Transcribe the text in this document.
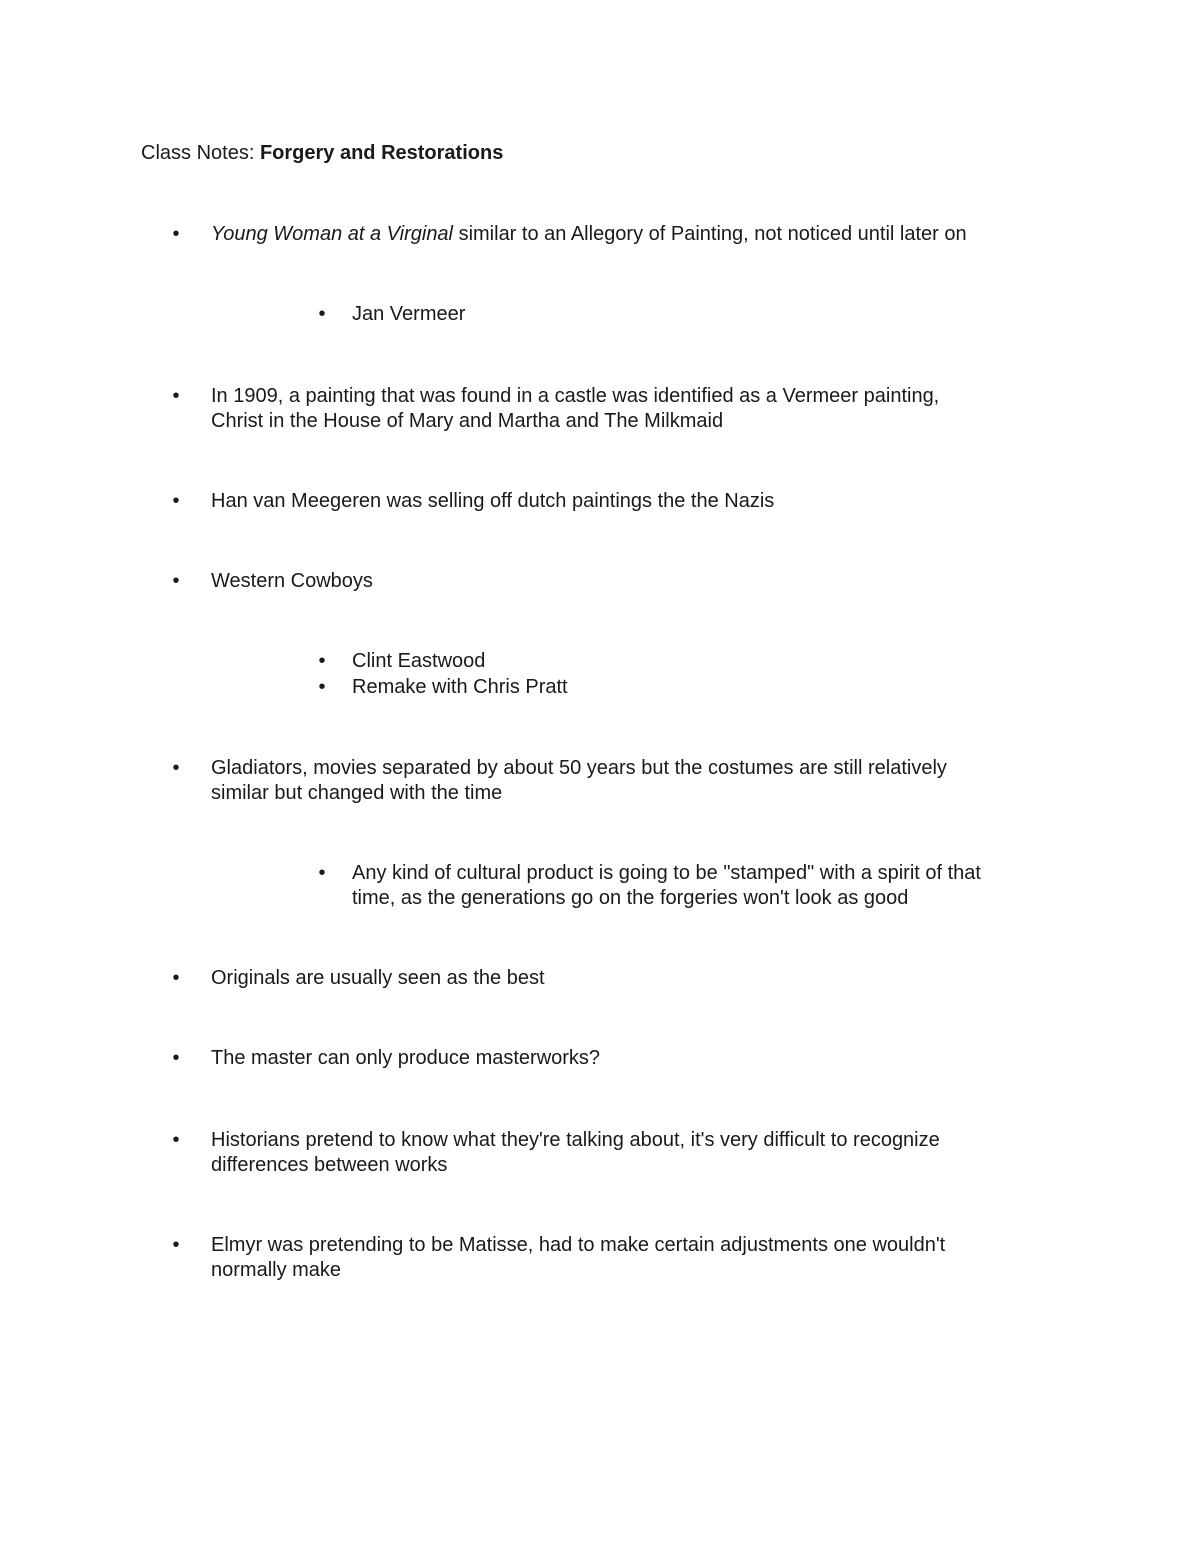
Class Notes: Forgery and Restorations
•	Young Woman at a Virginal similar to an Allegory of Painting, not noticed until later on
•	Jan Vermeer
•	In 1909, a painting that was found in a castle was identified as a Vermeer painting,
Christ in the House of Mary and Martha and The Milkmaid
•	Han van Meegeren was selling off dutch paintings the the Nazis
•	Western Cowboys
•	Clint Eastwood
•	Remake with Chris Pratt
•	Gladiators, movies separated by about 50 years but the costumes are still relatively
similar but changed with the time
•	Any kind of cultural product is going to be "stamped" with a spirit of that
time, as the generations go on the forgeries won't look as good
•	Originals are usually seen as the best
•	The master can only produce masterworks?
•	Historians pretend to know what they're talking about, it's very difficult to recognize
differences between works
•	Elmyr was pretending to be Matisse, had to make certain adjustments one wouldn't
normally make
